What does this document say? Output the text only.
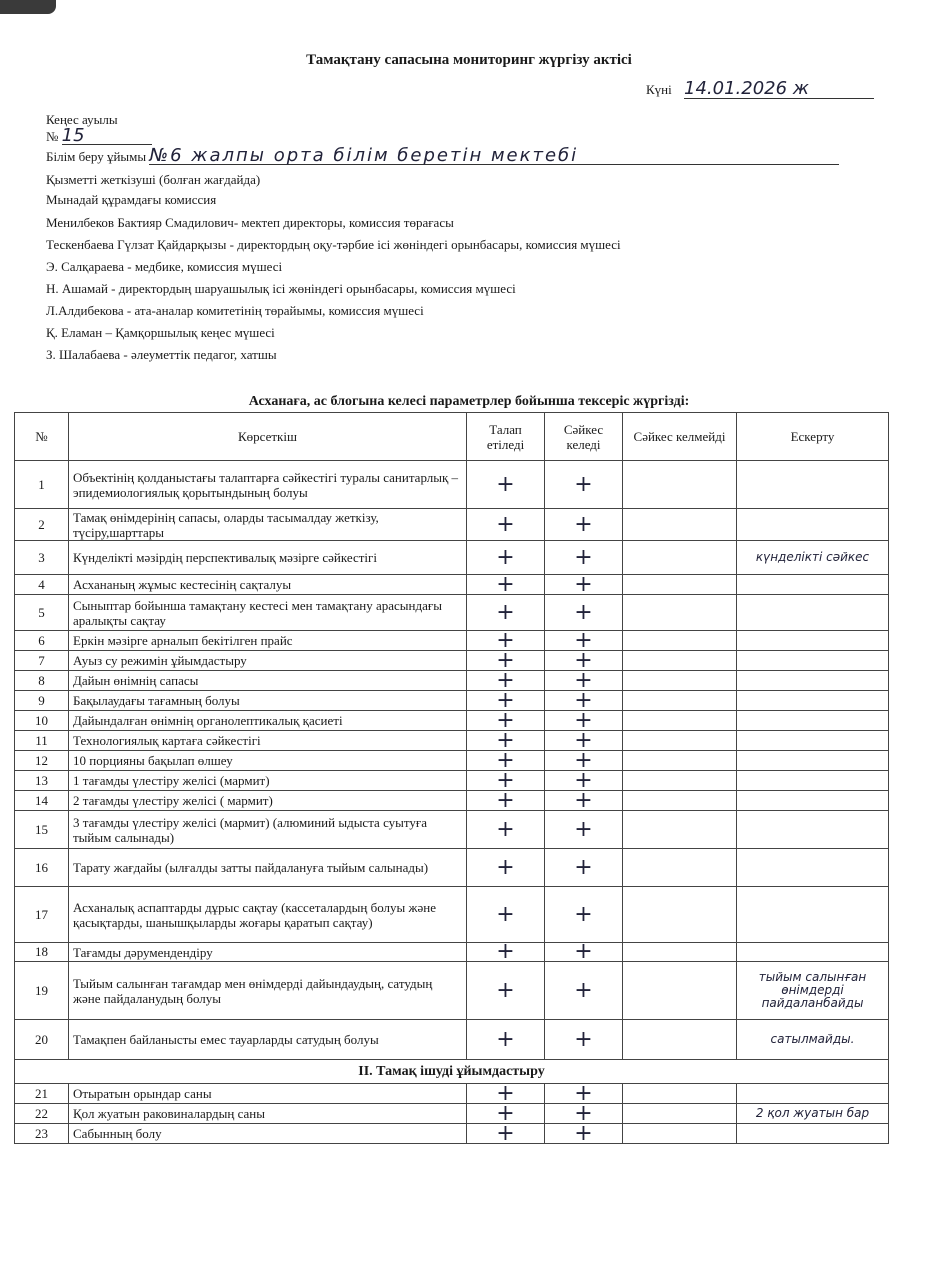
Тамақтану сапасына мониторинг жүргізу актісі
Күні 14.01.2026 ж
Кеңес ауылы
№ 15
Білім беру ұйымы №6 жалпы орта білім беретін мектебі
Қызметті жеткізуші (болған жағдайда)
Мынадай құрамдағы комиссия
Менилбеков Бактияр Смадилович- мектеп директоры, комиссия төрағасы
Тескенбаева Гүлзат Қайдарқызы - директордың оқу-тәрбие ісі жөніндегі орынбасары, комиссия мүшесі
Э. Салқараева - медбике, комиссия мүшесі
Н. Ашамай - директордың шаруашылық ісі жөніндегі орынбасары, комиссия мүшесі
Л.Алдибекова - ата-аналар комитетінің төрайымы, комиссия мүшесі
Қ. Еламан – Қамқоршылық кеңес мүшесі
З. Шалабаева - әлеуметтік педагог, хатшы
Асханаға, ас блогына келесі параметрлер бойынша тексеріс жүргізді:
№	Көрсеткіш	Талап етіледі	Сәйкес келеді	Сәйкес келмейді	Ескерту
1	Объектінің қолданыстағы талаптарға сәйкестігі туралы санитарлық – эпидемиологиялық қорытындының болуы	+	+		
2	Тамақ өнімдерінің сапасы, оларды тасымалдау жеткізу, түсіру,шарттары	+	+		
3	Күнделікті мәзірдің перспективалық мәзірге сәйкестігі	+	+		күнделікті сәйкес
4	Асхананың жұмыс кестесінің сақталуы	+	+		
5	Сыныптар бойынша тамақтану кестесі мен тамақтану арасындағы аралықты сақтау	+	+		
6	Еркін мәзірге арналып бекітілген прайс	+	+		
7	Ауыз су режимін ұйымдастыру	+	+		
8	Дайын өнімнің сапасы	+	+		
9	Бақылаудағы тағамның болуы	+	+		
10	Дайындалған өнімнің органолептикалық қасиеті	+	+		
11	Технологиялық картаға сәйкестігі	+	+		
12	10 порцияны бақылап өлшеу	+	+		
13	1 тағамды үлестіру желісі (мармит)	+	+		
14	2 тағамды үлестіру желісі ( мармит)	+	+		
15	3 тағамды үлестіру желісі (мармит) (алюминий ыдыста суытуға тыйым салынады)	+	+		
16	Тарату жағдайы (ылғалды затты пайдалануға тыйым салынады)	+	+		
17	Асханалық аспаптарды дұрыс сақтау (кассеталардың болуы және қасықтарды, шанышқыларды жоғары қаратып сақтау)	+	+		
18	Тағамды дәрумендендіру	+	+		
19	Тыйым салынған тағамдар мен өнімдерді дайындаудың, сатудың және пайдаланудың болуы	+	+		тыйым салынған өнімдерді пайдаланбайды
20	Тамақпен байланысты емес тауарларды сатудың болуы	+	+		сатылмайды.
II. Тамақ ішуді ұйымдастыру					
21	Отыратын орындар саны	+	+		
22	Қол жуатын раковиналардың саны	+	+		2 қол жуатын бар
23	Сабынның болу	+	+		
